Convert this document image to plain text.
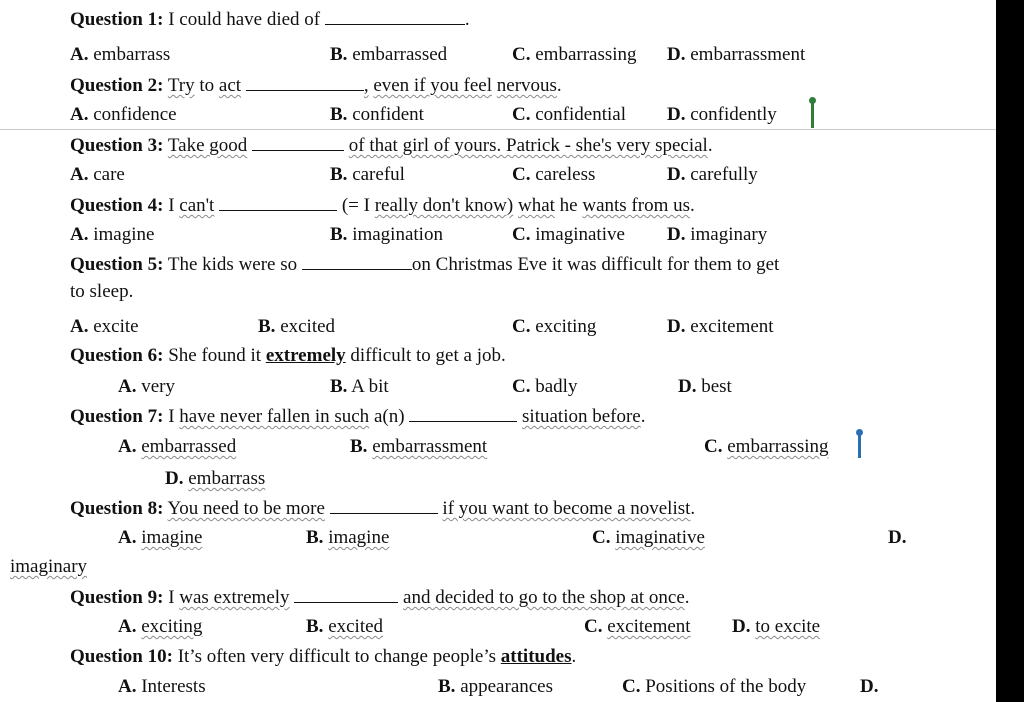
Question 1: I could have died of	.
A. embarrass	B. embarrassed	C. embarrassing D. embarrassment
Question 2: Try to act	, even if you feel nervous.
A. confidence	B. confident	C. confidential D. confidently
Question 3: Take good	of that girl of yours. Patrick - she's very special.
A. care	B. careful	C. careless	D. carefully
Question 4: I can't	(= I really don't know) what he wants from us.
A. imagine	B. imagination	C. imaginative D. imaginary
Question 5: The kids were so	on Christmas Eve it was difficult for them to get
to sleep.
A. excite	B. excited	C. exciting	D. excitement
Question 6: She found it extremely difficult to get a job.
A. very	B. A bit	C. badly	D. best
Question 7: I have never fallen in such a(n)	situation before.
A. embarrassed	B. embarrassment	C. embarrassing
D. embarrass
Question 8: You need to be more	if you want to become a novelist.
A. imagine	B. imagine	C. imaginative	D.
imaginary
Question 9: I was extremely	and decided to go to the shop at once.
A. exciting	B. excited	C. excitement D. to excite
Question 10: It’s often very difficult to change people’s attitudes.
A. Interests	B. appearances	C. Positions of the body	D.
